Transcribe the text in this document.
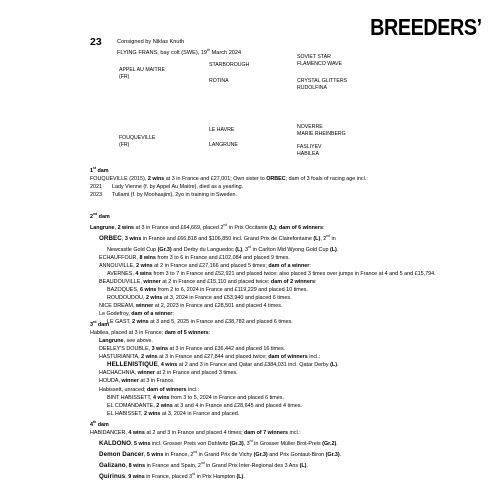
BREEDERS’
23	Consigned by Niklas Knuth
FLYING FRANS, bay colt (SWE), 19th March 2024
APPEL AU MAITRE
(FR)
FOUQUEVILLE
(FR)
STARBOROUGH
ROTINA
LE HAVRE
LANGRUNE
SOVIET STAR
FLAMENCO WAVE
CRYSTAL GLITTERS
RUDOLFINA
NOVERRE
MARIE RHEINBERG
FASLIYEV
HABILEA
1st dam
FOUQUEVILLE (2015), 2 wins at 3 in France and £27,001; Own sister to ORBEC; dam of 3 foals of racing age incl.:
2021 Lady Vienne (f. by Appel Au Maitre), died as a yearling.
2023 Tullami (f. by Moohaajim), 2yo in training in Sweden.
2nd dam
Langrune, 2 wins at 3 in France and £64,669, placed 2nd in Prix Occitanie (L); dam of 6 winners:
ORBEC, 3 wins in France and £66,818 and $106,850 incl. Grand Prix de Clairefontaine (L), 2nd in
Newcastle Gold Cup (Gr.3) and Derby du Languedoc (L), 3rd in Carlton Mid Wyong Gold Cup (L).
ECHAUFFOUR, 8 wins from 3 to 6 in France and £102,084 and placed 9 times.
ANNOUVILLE, 2 wins at 2 in France and £27,166 and placed 5 times; dam of a winner:
AVERNES, 4 wins from 3 to 7 in France and £52,921 and placed twice; also placed 3 times over jumps in France at 4 and 5 and £15,794.
BEAUDOUVILLE, winner at 2 in France and £15,110 and placed twice; dam of 2 winners:
BAZOQUES, 6 wins from 2 to 6, 2024 in France and £119,229 and placed 10 times.
ROUDOUDOU, 2 wins at 3, 2024 in France and £53,940 and placed 6 times.
NICE DREAM, winner at 2, 2023 in France and £28,501 and placed 4 times.
Le Godefroy, dam of a winner:
LE GAST, 2 wins at 3 and 5, 2025 in France and £38,782 and placed 6 times.
3rd dam
Habilea, placed at 3 in France; dam of 5 winners:
Langrune, see above.
DEELEY'S DOUBLE, 3 wins at 3 in France and £36,442 and placed 16 times.
HASTURIANITA, 2 wins at 3 in France and £27,844 and placed twice; dam of winners incl.:
HELLENISTIQUE, 4 wins at 2 and 3 in France and Qatar and £384,031 incl. Qatar Derby (L).
HACHACHNIA, winner at 2 in France and placed 3 times.
HOUDA, winner at 3 in France.
Habissett, unraced; dam of winners incl.:
BINT HABISSETT, 4 wins from 3 to 5, 2024 in France and placed 6 times.
EL COMANDANTE, 2 wins at 3 and 4 in France and £28,645 and placed 4 times.
EL HABISSET, 2 wins at 3, 2024 in France and placed.
4th dam
HABIDANCER, 4 wins at 2 and 3 in France and placed 4 times; dam of 7 winners incl.:
KALDONO, 5 wins incl. Grosser Preis von Dahlwitz (Gr.3), 3rd in Grosser Müller Brot-Preis (Gr.2).
Demon Dancer, 5 wins in France, 2nd in Grand Prix de Vichy (Gr.3) and Prix Gontaut-Biron (Gr.3).
Galizano, 8 wins in France and Spain, 2nd in Grand Prix Inter-Regional des 3 Ans (L).
Quirinus, 9 wins in France, placed 3rd in Prix Hampton (L).
